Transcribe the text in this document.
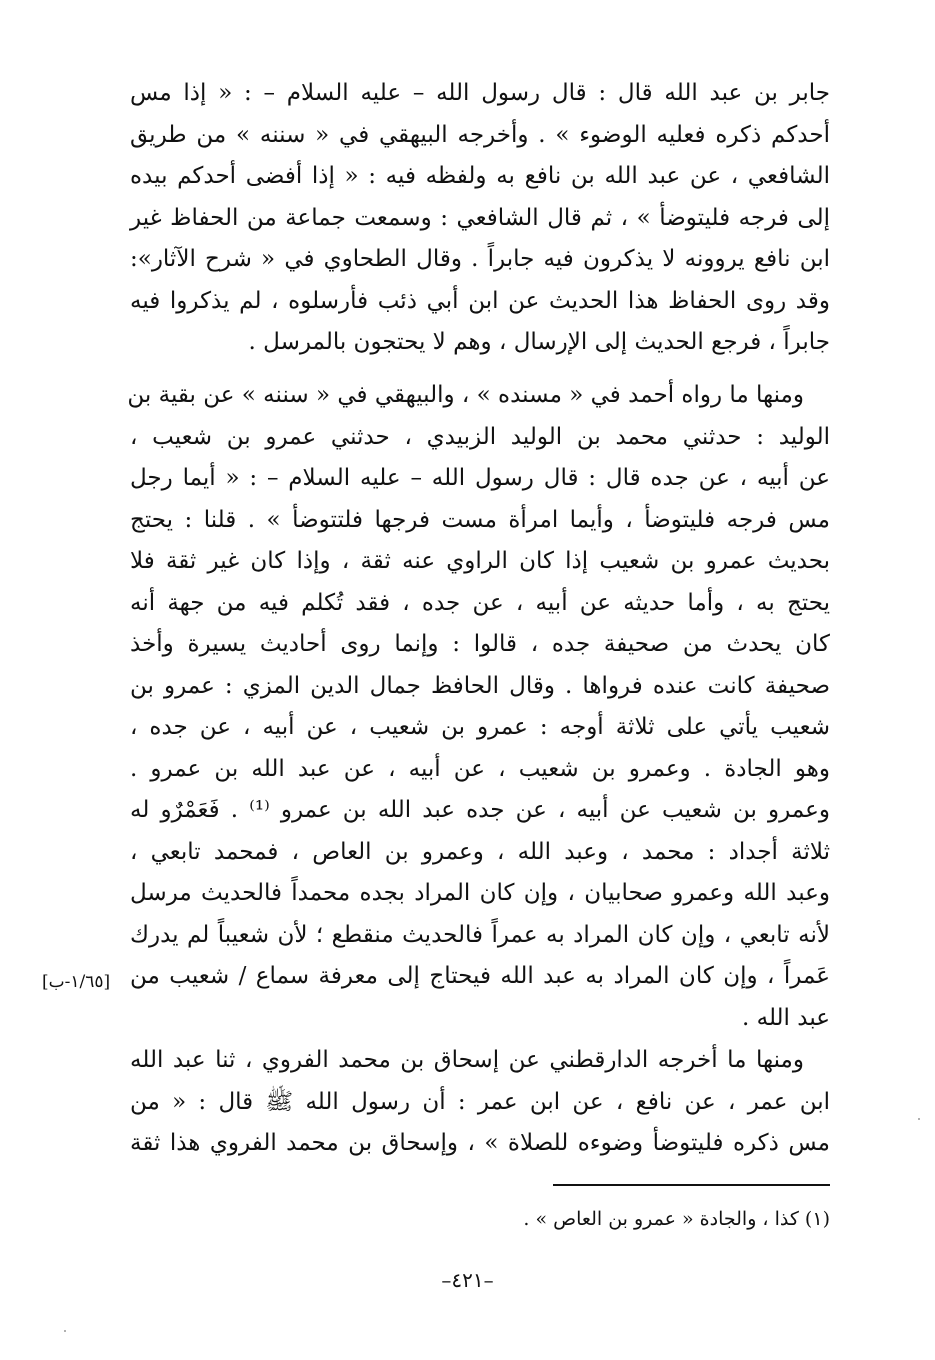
جابر بن عبد الله قال : قال رسول الله – عليه السلام – : « إذا مس
أحدكم ذكره فعليه الوضوء » . وأخرجه البيهقي في « سننه » من طريق
الشافعي ، عن عبد الله بن نافع به ولفظه فيه : « إذا أفضى أحدكم بيده
إلى فرجه فليتوضأ » ، ثم قال الشافعي : وسمعت جماعة من الحفاظ غير
ابن نافع يروونه لا يذكرون فيه جابراً . وقال الطحاوي في « شرح الآثار»:
وقد روى الحفاظ هذا الحديث عن ابن أبي ذئب فأرسلوه ، لم يذكروا فيه
جابراً ، فرجع الحديث إلى الإرسال ، وهم لا يحتجون بالمرسل .
ومنها ما رواه أحمد في « مسنده » ، والبيهقي في « سننه » عن بقية بن
الوليد : حدثني محمد بن الوليد الزبيدي ، حدثني عمرو بن شعيب ،
عن أبيه ، عن جده قال : قال رسول الله – عليه السلام – : « أيما رجل
مس فرجه فليتوضأ ، وأيما امرأة مست فرجها فلتتوضأ » . قلنا : يحتج
بحديث عمرو بن شعيب إذا كان الراوي عنه ثقة ، وإذا كان غير ثقة فلا
يحتج به ، وأما حديثه عن أبيه ، عن جده ، فقد تُكلم فيه من جهة أنه
كان يحدث من صحيفة جده ، قالوا : وإنما روى أحاديث يسيرة وأخذ
صحيفة كانت عنده فرواها . وقال الحافظ جمال الدين المزي : عمرو بن
شعيب يأتي على ثلاثة أوجه : عمرو بن شعيب ، عن أبيه ، عن جده ،
وهو الجادة . وعمرو بن شعيب ، عن أبيه ، عن عبد الله بن عمرو .
وعمرو بن شعيب عن أبيه ، عن جده عبد الله بن عمرو ⁽¹⁾ . فَعَمْرٌو له
ثلاثة أجداد : محمد ، وعبد الله ، وعمرو بن العاص ، فمحمد تابعي ،
وعبد الله وعمرو صحابيان ، وإن كان المراد بجده محمداً فالحديث مرسل
لأنه تابعي ، وإن كان المراد به عمراً فالحديث منقطع ؛ لأن شعيباً لم يدرك
عَمراً ، وإن كان المراد به عبد الله فيحتاج إلى معرفة سماع / شعيب من
عبد الله .
[١/٦٥-ب]
ومنها ما أخرجه الدارقطني عن إسحاق بن محمد الفروي ، ثنا عبد الله
ابن عمر ، عن نافع ، عن ابن عمر : أن رسول الله ﷺ قال : « من
مس ذكره فليتوضأ وضوءه للصلاة » ، وإسحاق بن محمد الفروي هذا ثقة
(١) كذا ، والجادة « عمرو بن العاص » .
–٤٢١–
